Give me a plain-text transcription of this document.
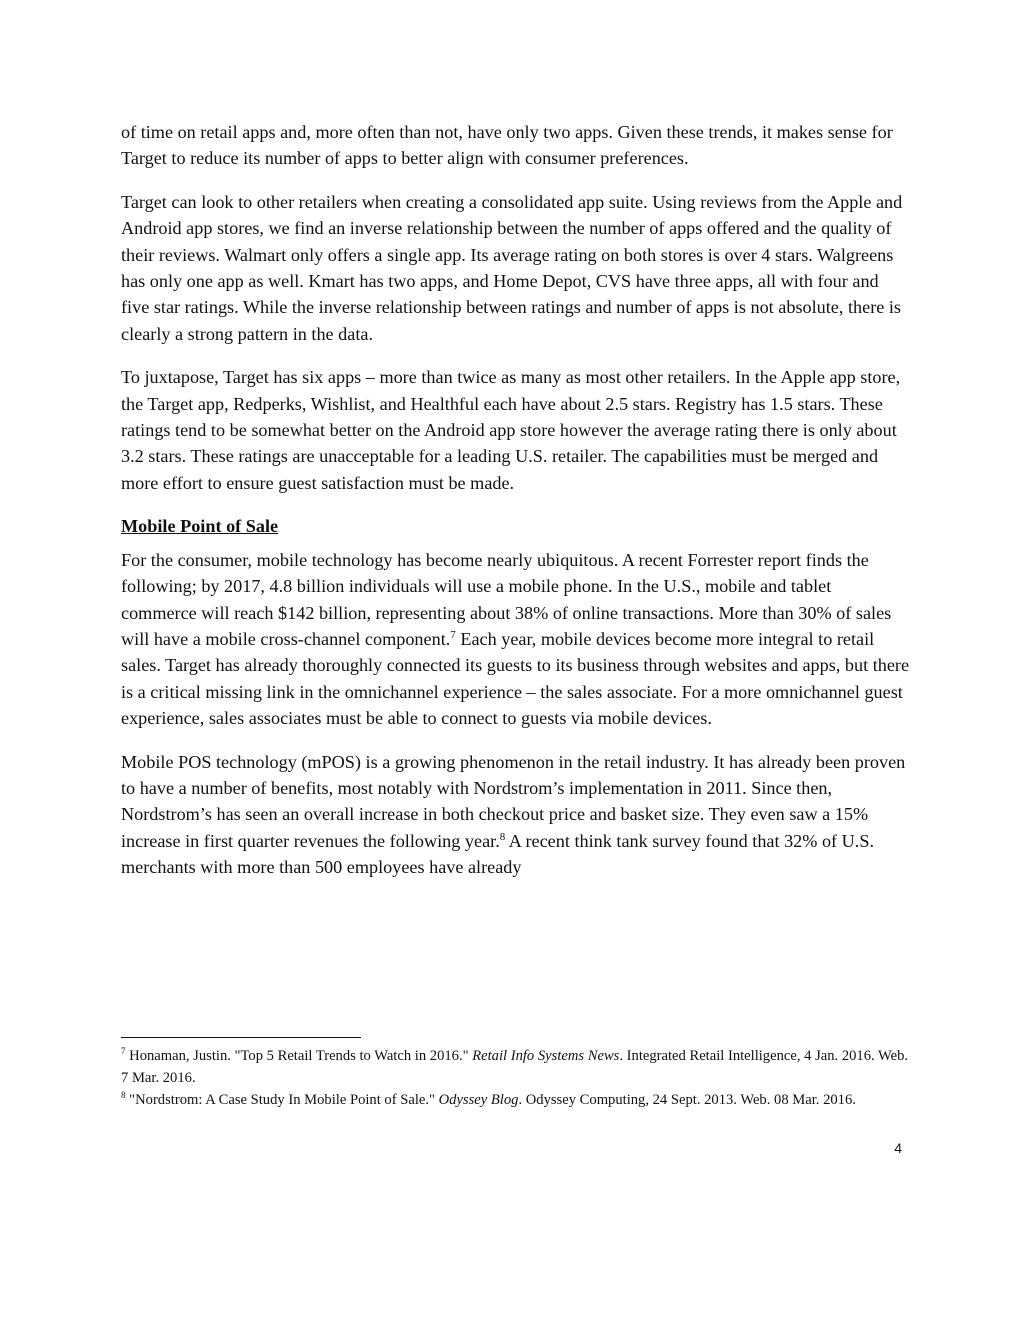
of time on retail apps and, more often than not, have only two apps. Given these trends, it makes sense for Target to reduce its number of apps to better align with consumer preferences.

Target can look to other retailers when creating a consolidated app suite. Using reviews from the Apple and Android app stores, we find an inverse relationship between the number of apps offered and the quality of their reviews. Walmart only offers a single app. Its average rating on both stores is over 4 stars. Walgreens has only one app as well. Kmart has two apps, and Home Depot, CVS have three apps, all with four and five star ratings. While the inverse relationship between ratings and number of apps is not absolute, there is clearly a strong pattern in the data.

To juxtapose, Target has six apps – more than twice as many as most other retailers. In the Apple app store, the Target app, Redperks, Wishlist, and Healthful each have about 2.5 stars. Registry has 1.5 stars. These ratings tend to be somewhat better on the Android app store however the average rating there is only about 3.2 stars. These ratings are unacceptable for a leading U.S. retailer. The capabilities must be merged and more effort to ensure guest satisfaction must be made.

Mobile Point of Sale

For the consumer, mobile technology has become nearly ubiquitous. A recent Forrester report finds the following; by 2017, 4.8 billion individuals will use a mobile phone. In the U.S., mobile and tablet commerce will reach $142 billion, representing about 38% of online transactions. More than 30% of sales will have a mobile cross-channel component.$^7$ Each year, mobile devices become more integral to retail sales. Target has already thoroughly connected its guests to its business through websites and apps, but there is a critical missing link in the omnichannel experience – the sales associate. For a more omnichannel guest experience, sales associates must be able to connect to guests via mobile devices.

Mobile POS technology (mPOS) is a growing phenomenon in the retail industry. It has already been proven to have a number of benefits, most notably with Nordstrom’s implementation in 2011. Since then, Nordstrom’s has seen an overall increase in both checkout price and basket size. They even saw a 15% increase in first quarter revenues the following year.$^8$ A recent think tank survey found that 32% of U.S. merchants with more than 500 employees have already

$^7$ Honaman, Justin. "Top 5 Retail Trends to Watch in 2016." Retail Info Systems News. Integrated Retail Intelligence, 4 Jan. 2016. Web. 7 Mar. 2016.

$^8$ "Nordstrom: A Case Study In Mobile Point of Sale." Odyssey Blog. Odyssey Computing, 24 Sept. 2013. Web. 08 Mar. 2016.

4
